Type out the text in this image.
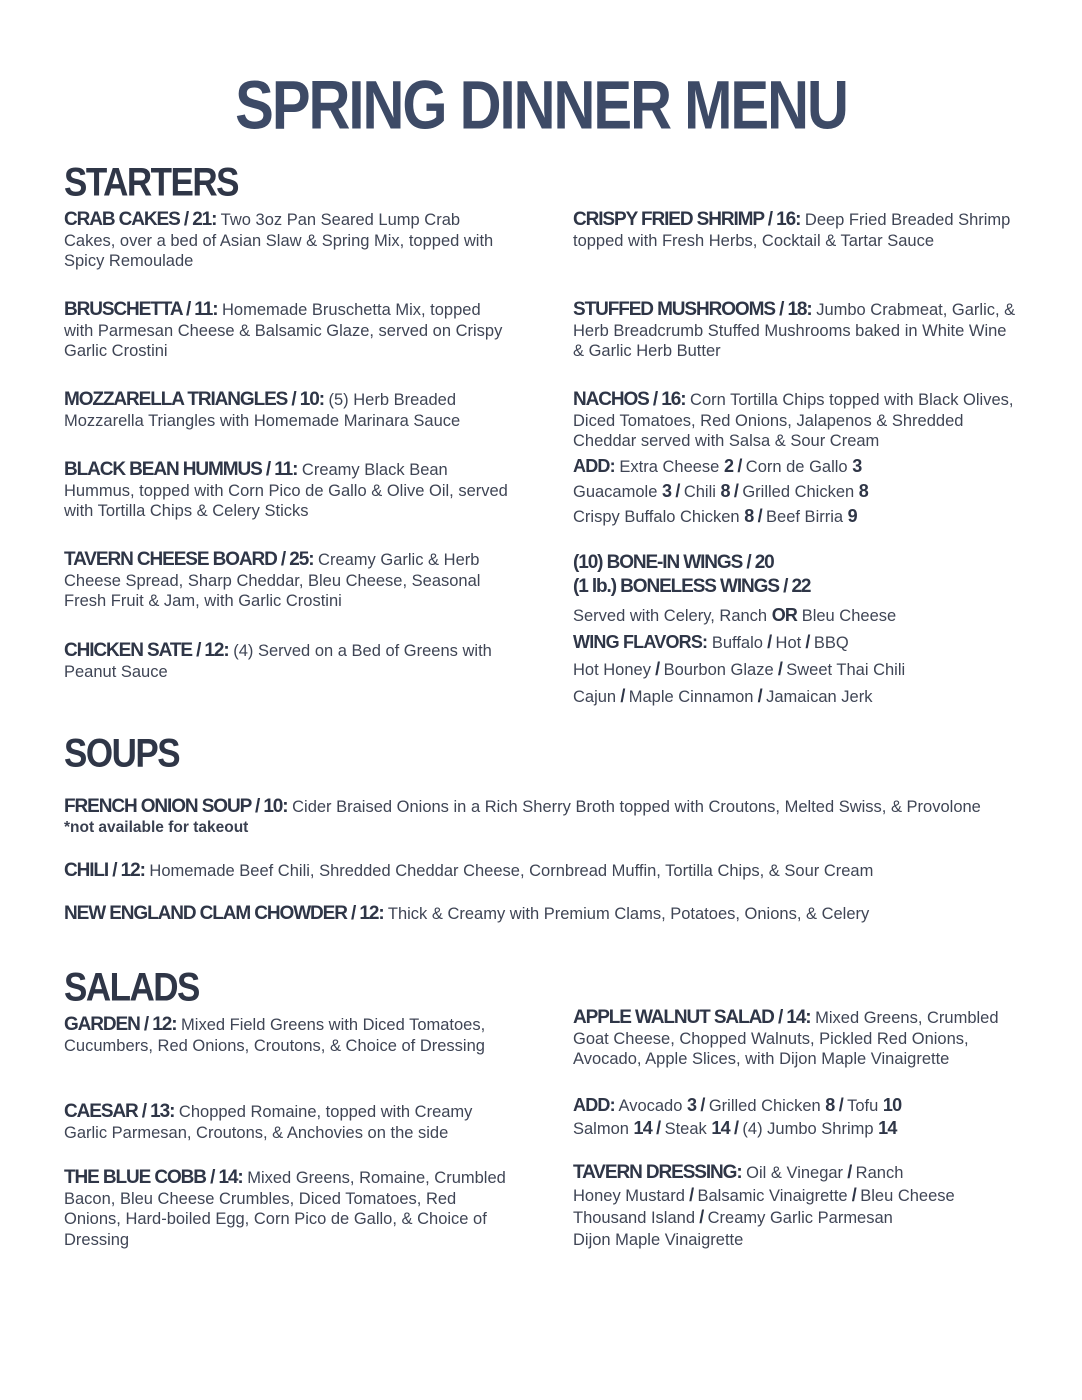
SPRING DINNER MENU
STARTERS
CRAB CAKES / 21: Two 3oz Pan Seared Lump Crab Cakes, over a bed of Asian Slaw & Spring Mix, topped with Spicy Remoulade
BRUSCHETTA / 11: Homemade Bruschetta Mix, topped with Parmesan Cheese & Balsamic Glaze, served on Crispy Garlic Crostini
MOZZARELLA TRIANGLES / 10: (5) Herb Breaded Mozzarella Triangles with Homemade Marinara Sauce
BLACK BEAN HUMMUS / 11: Creamy Black Bean Hummus, topped with Corn Pico de Gallo & Olive Oil, served with Tortilla Chips & Celery Sticks
TAVERN CHEESE BOARD / 25: Creamy Garlic & Herb Cheese Spread, Sharp Cheddar, Bleu Cheese, Seasonal Fresh Fruit & Jam, with Garlic Crostini
CHICKEN SATE / 12: (4) Served on a Bed of Greens with Peanut Sauce
CRISPY FRIED SHRIMP / 16: Deep Fried Breaded Shrimp topped with Fresh Herbs, Cocktail & Tartar Sauce
STUFFED MUSHROOMS / 18: Jumbo Crabmeat, Garlic, & Herb Breadcrumb Stuffed Mushrooms baked in White Wine & Garlic Herb Butter
NACHOS / 16: Corn Tortilla Chips topped with Black Olives, Diced Tomatoes, Red Onions, Jalapenos & Shredded Cheddar served with Salsa & Sour Cream
ADD: Extra Cheese 2 / Corn de Gallo 3
Guacamole 3 / Chili 8 / Grilled Chicken 8
Crispy Buffalo Chicken 8 / Beef Birria 9
(10) BONE-IN WINGS / 20
(1 lb.) BONELESS WINGS / 22
Served with Celery, Ranch OR Bleu Cheese
WING FLAVORS: Buffalo / Hot / BBQ
Hot Honey / Bourbon Glaze / Sweet Thai Chili
Cajun / Maple Cinnamon / Jamaican Jerk
SOUPS
FRENCH ONION SOUP / 10: Cider Braised Onions in a Rich Sherry Broth topped with Croutons, Melted Swiss, & Provolone
*not available for takeout
CHILI / 12: Homemade Beef Chili, Shredded Cheddar Cheese, Cornbread Muffin, Tortilla Chips, & Sour Cream
NEW ENGLAND CLAM CHOWDER / 12: Thick & Creamy with Premium Clams, Potatoes, Onions, & Celery
SALADS
GARDEN / 12: Mixed Field Greens with Diced Tomatoes, Cucumbers, Red Onions, Croutons, & Choice of Dressing
CAESAR / 13: Chopped Romaine, topped with Creamy Garlic Parmesan, Croutons, & Anchovies on the side
THE BLUE COBB / 14: Mixed Greens, Romaine, Crumbled Bacon, Bleu Cheese Crumbles, Diced Tomatoes, Red Onions, Hard-boiled Egg, Corn Pico de Gallo, & Choice of Dressing
APPLE WALNUT SALAD / 14: Mixed Greens, Crumbled Goat Cheese, Chopped Walnuts, Pickled Red Onions, Avocado, Apple Slices, with Dijon Maple Vinaigrette
ADD: Avocado 3 / Grilled Chicken 8 / Tofu 10
Salmon 14 / Steak 14 / (4) Jumbo Shrimp 14
TAVERN DRESSING: Oil & Vinegar / Ranch
Honey Mustard / Balsamic Vinaigrette / Bleu Cheese
Thousand Island / Creamy Garlic Parmesan
Dijon Maple Vinaigrette
